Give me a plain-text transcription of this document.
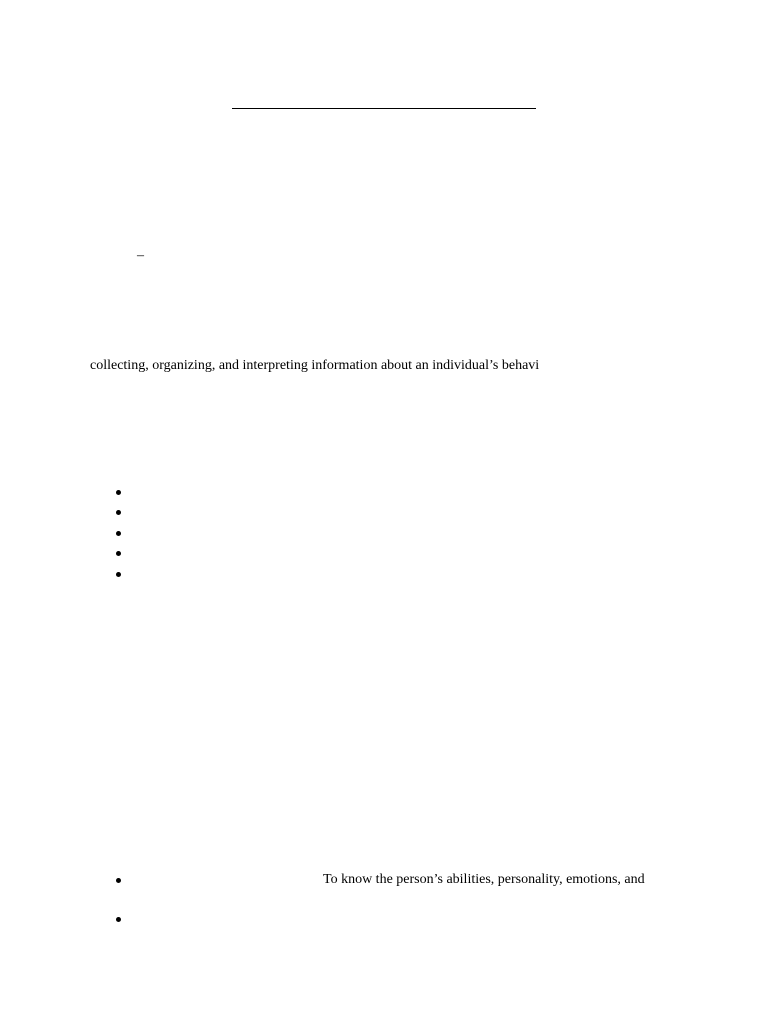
–

collecting, organizing, and interpreting information about an individual’s behavi

To know the person’s abilities, personality, emotions, and
